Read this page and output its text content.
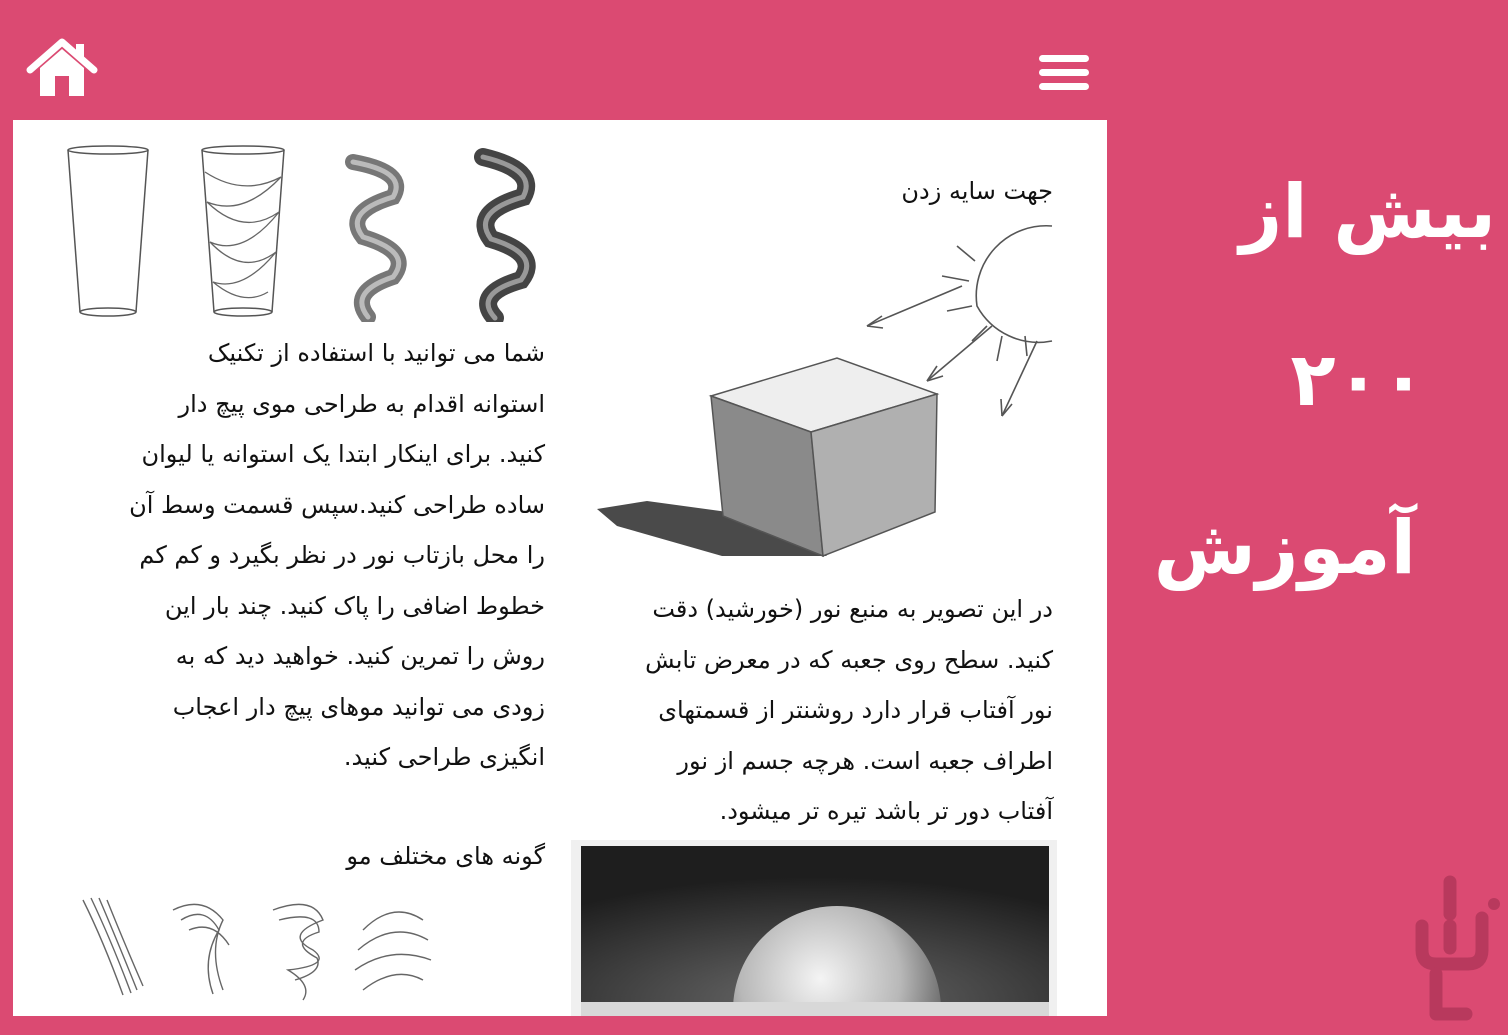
شما می توانید با استفاده از تکنیک
استوانه اقدام به طراحی موی پیچ دار
کنید. برای اینکار ابتدا یک استوانه یا لیوان
ساده طراحی کنید.سپس قسمت وسط آن
را محل بازتاب نور در نظر بگیرد و کم کم
خطوط اضافی را پاک کنید. چند بار این
روش را تمرین کنید. خواهید دید که به
زودی می توانید موهای پیچ دار اعجاب
انگیزی طراحی کنید.
گونه های مختلف مو
جهت سایه زدن
در این تصویر به منبع نور (خورشید) دقت
کنید. سطح روی جعبه که در معرض تابش
نور آفتاب قرار دارد روشنتر از قسمتهای
اطراف جعبه است. هرچه جسم از نور
آفتاب دور تر باشد تیره تر میشود.
بیش از
۲۰۰
آموزش
